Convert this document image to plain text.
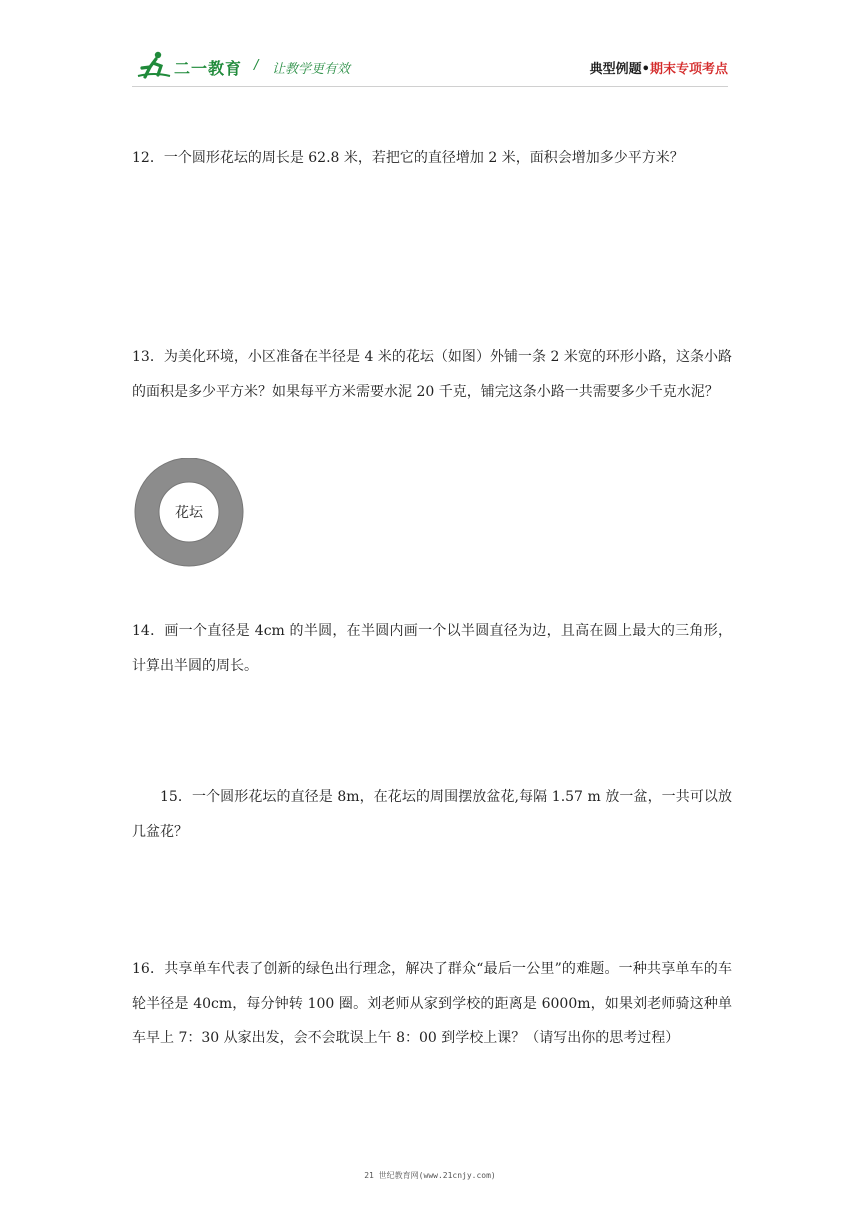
二一教育 / 让教学更有效	典型例题•期末专项考点
12．一个圆形花坛的周长是 62.8 米，若把它的直径增加 2 米，面积会增加多少平方米？
13．为美化环境，小区准备在半径是 4 米的花坛（如图）外铺一条 2 米宽的环形小路，这条小路的面积是多少平方米？如果每平方米需要水泥 20 千克，铺完这条小路一共需要多少千克水泥？
花坛
14．画一个直径是 4cm 的半圆，在半圆内画一个以半圆直径为边，且高在圆上最大的三角形，计算出半圆的周长。
15．一个圆形花坛的直径是 8m，在花坛的周围摆放盆花,每隔 1.57 m 放一盆，一共可以放几盆花？
16．共享单车代表了创新的绿色出行理念，解决了群众“最后一公里”的难题。一种共享单车的车轮半径是 40cm，每分钟转 100 圈。刘老师从家到学校的距离是 6000m，如果刘老师骑这种单车早上 7：30 从家出发，会不会耽误上午 8：00 到学校上课？（请写出你的思考过程）
21 世纪教育网(www.21cnjy.com)
